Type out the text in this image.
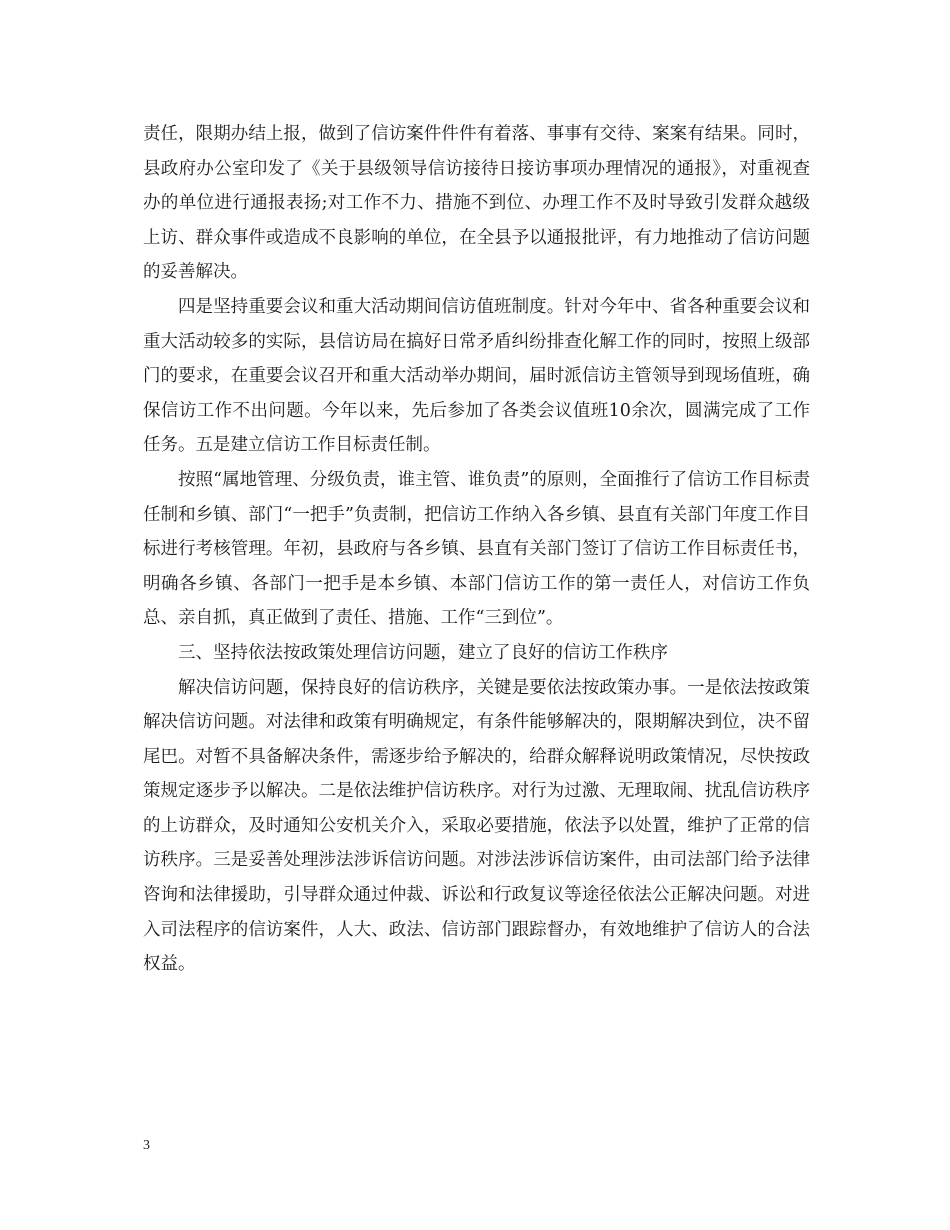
责任，限期办结上报，做到了信访案件件件有着落、事事有交待、案案有结果。同时，县政府办公室印发了《关于县级领导信访接待日接访事项办理情况的通报》，对重视查办的单位进行通报表扬;对工作不力、措施不到位、办理工作不及时导致引发群众越级上访、群众事件或造成不良影响的单位，在全县予以通报批评，有力地推动了信访问题的妥善解决。

四是坚持重要会议和重大活动期间信访值班制度。针对今年中、省各种重要会议和重大活动较多的实际，县信访局在搞好日常矛盾纠纷排查化解工作的同时，按照上级部门的要求，在重要会议召开和重大活动举办期间，届时派信访主管领导到现场值班，确保信访工作不出问题。今年以来，先后参加了各类会议值班10余次，圆满完成了工作任务。五是建立信访工作目标责任制。

按照“属地管理、分级负责，谁主管、谁负责”的原则，全面推行了信访工作目标责任制和乡镇、部门“一把手”负责制，把信访工作纳入各乡镇、县直有关部门年度工作目标进行考核管理。年初，县政府与各乡镇、县直有关部门签订了信访工作目标责任书，明确各乡镇、各部门一把手是本乡镇、本部门信访工作的第一责任人，对信访工作负总、亲自抓，真正做到了责任、措施、工作“三到位”。

三、坚持依法按政策处理信访问题，建立了良好的信访工作秩序

解决信访问题，保持良好的信访秩序，关键是要依法按政策办事。一是依法按政策解决信访问题。对法律和政策有明确规定，有条件能够解决的，限期解决到位，决不留尾巴。对暂不具备解决条件，需逐步给予解决的，给群众解释说明政策情况，尽快按政策规定逐步予以解决。二是依法维护信访秩序。对行为过激、无理取闹、扰乱信访秩序的上访群众，及时通知公安机关介入，采取必要措施，依法予以处置，维护了正常的信访秩序。三是妥善处理涉法涉诉信访问题。对涉法涉诉信访案件，由司法部门给予法律咨询和法律援助，引导群众通过仲裁、诉讼和行政复议等途径依法公正解决问题。对进入司法程序的信访案件，人大、政法、信访部门跟踪督办，有效地维护了信访人的合法权益。

3
